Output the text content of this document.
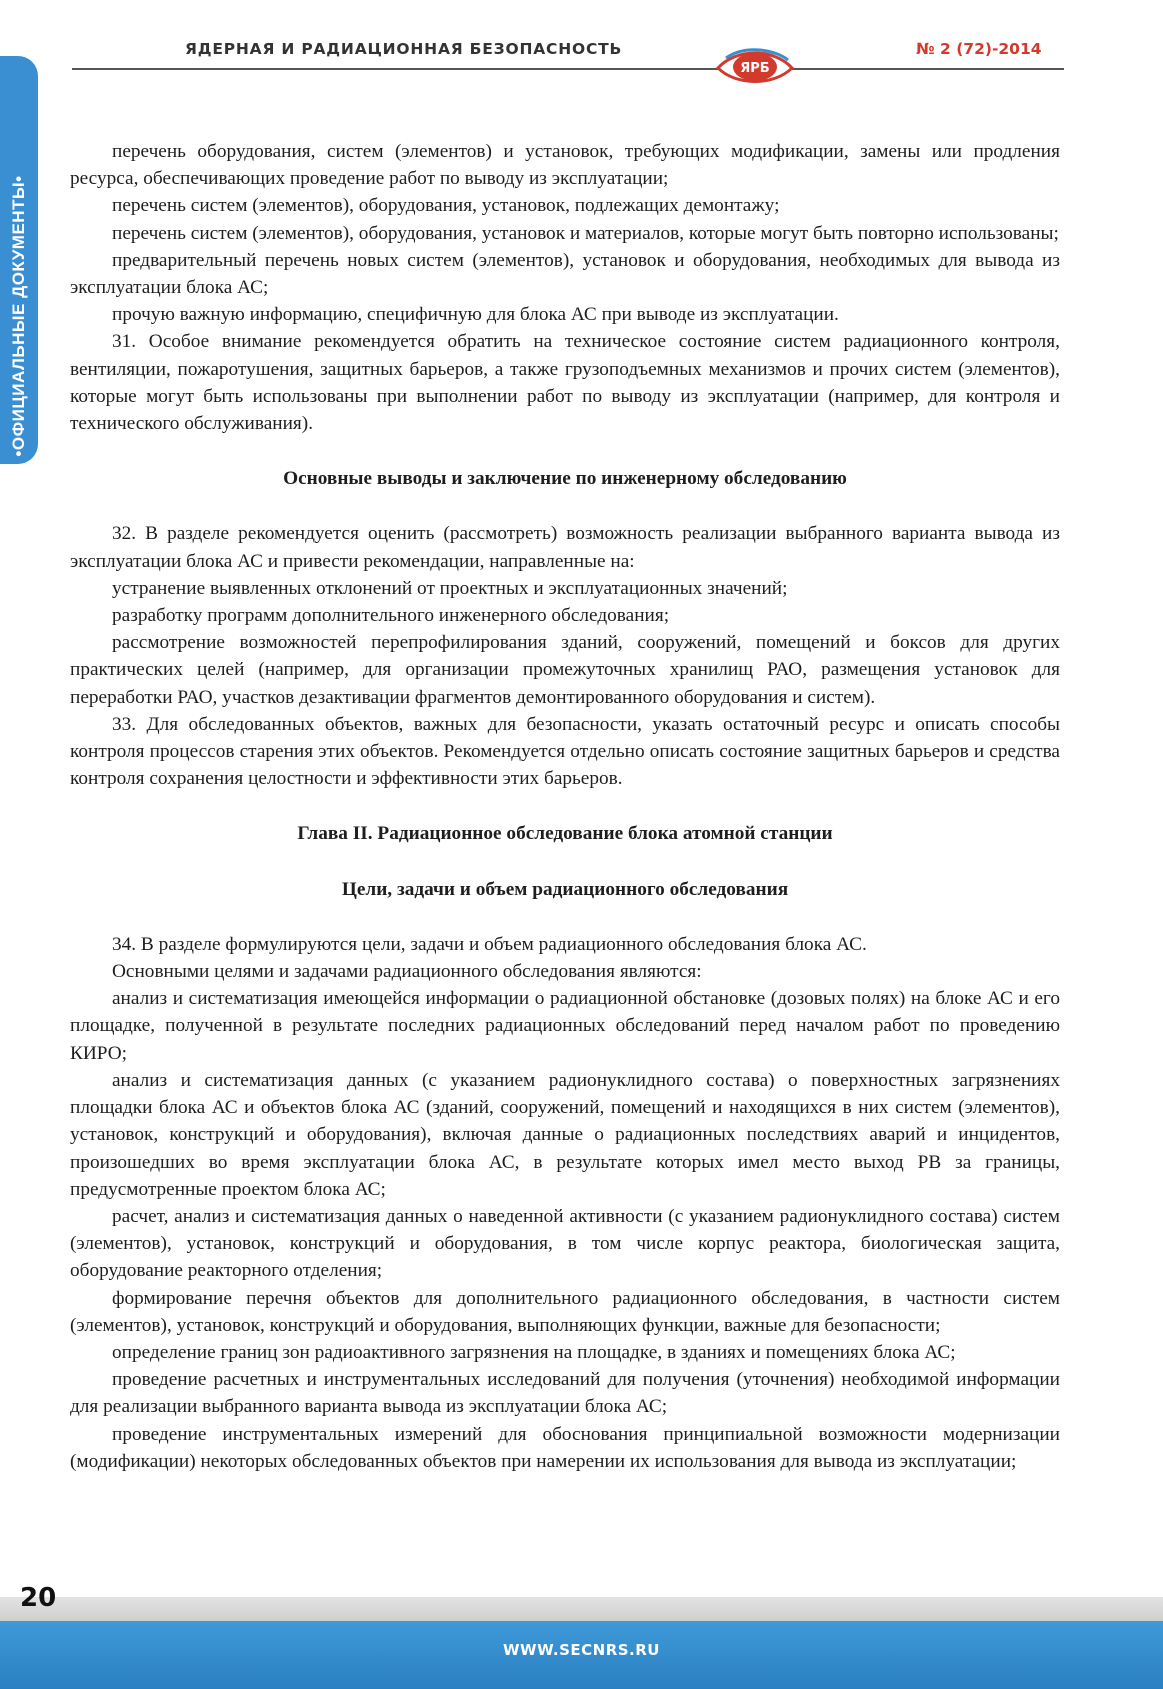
•ОФИЦИАЛЬНЫЕ ДОКУМЕНТЫ•
ЯДЕРНАЯ И РАДИАЦИОННАЯ БЕЗОПАСНОСТЬ
ЯРБ
№ 2 (72)-2014

перечень оборудования, систем (элементов) и установок, требующих модификации, замены или продления ресурса, обеспечивающих проведение работ по выводу из эксплуатации;

перечень систем (элементов), оборудования, установок, подлежащих демонтажу;

перечень систем (элементов), оборудования, установок и материалов, которые могут быть повторно использованы;

предварительный перечень новых систем (элементов), установок и оборудования, необходимых для вывода из эксплуатации блока АС;

прочую важную информацию, специфичную для блока АС при выводе из эксплуатации.

31. Особое внимание рекомендуется обратить на техническое состояние систем радиационного контроля, вентиляции, пожаротушения, защитных барьеров, а также грузоподъемных механизмов и прочих систем (элементов), которые могут быть использованы при выполнении работ по выводу из эксплуатации (например, для контроля и технического обслуживания).

Основные выводы и заключение по инженерному обследованию

32. В разделе рекомендуется оценить (рассмотреть) возможность реализации выбранного варианта вывода из эксплуатации блока АС и привести рекомендации, направленные на:

устранение выявленных отклонений от проектных и эксплуатационных значений;

разработку программ дополнительного инженерного обследования;

рассмотрение возможностей перепрофилирования зданий, сооружений, помещений и боксов для других практических целей (например, для организации промежуточных хранилищ РАО, размещения установок для переработки РАО, участков дезактивации фрагментов демонтированного оборудования и систем).

33. Для обследованных объектов, важных для безопасности, указать остаточный ресурс и описать способы контроля процессов старения этих объектов. Рекомендуется отдельно описать состояние защитных барьеров и средства контроля сохранения целостности и эффективности этих барьеров.

Глава II. Радиационное обследование блока атомной станции
Цели, задачи и объем радиационного обследования

34. В разделе формулируются цели, задачи и объем радиационного обследования блока АС.

Основными целями и задачами радиационного обследования являются:

анализ и систематизация имеющейся информации о радиационной обстановке (дозовых полях) на блоке АС и его площадке, полученной в результате последних радиационных обследований перед началом работ по проведению КИРО;

анализ и систематизация данных (с указанием радионуклидного состава) о поверхностных загрязнениях площадки блока АС и объектов блока АС (зданий, сооружений, помещений и находящихся в них систем (элементов), установок, конструкций и оборудования), включая данные о радиационных последствиях аварий и инцидентов, произошедших во время эксплуатации блока АС, в результате которых имел место выход РВ за границы, предусмотренные проектом блока АС;

расчет, анализ и систематизация данных о наведенной активности (с указанием радионуклидного состава) систем (элементов), установок, конструкций и оборудования, в том числе корпус реактора, биологическая защита, оборудование реакторного отделения;

формирование перечня объектов для дополнительного радиационного обследования, в частности систем (элементов), установок, конструкций и оборудования, выполняющих функции, важные для безопасности;

определение границ зон радиоактивного загрязнения на площадке, в зданиях и помещениях блока АС;

проведение расчетных и инструментальных исследований для получения (уточнения) необходимой информации для реализации выбранного варианта вывода из эксплуатации блока АС;

проведение инструментальных измерений для обоснования принципиальной возможности модернизации (модификации) некоторых обследованных объектов при намерении их использования для вывода из эксплуатации;

20
WWW.SECNRS.RU
